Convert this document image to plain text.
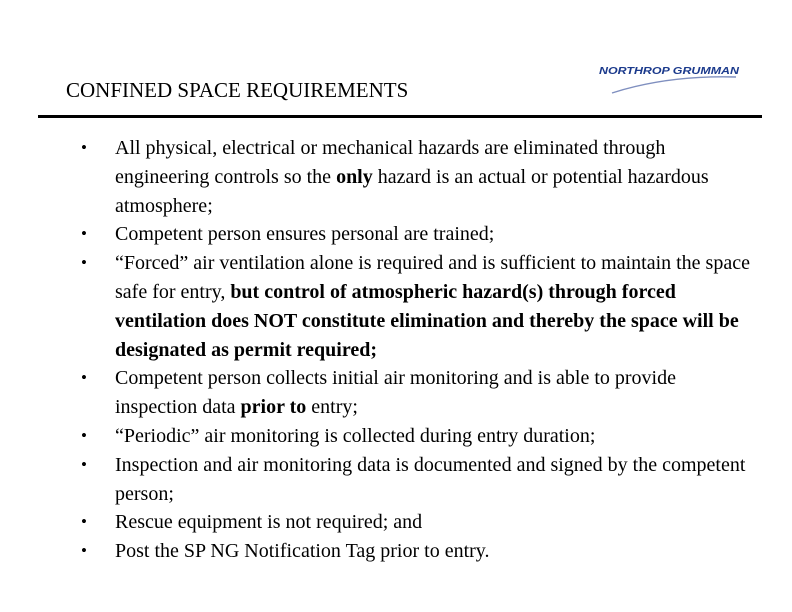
CONFINED SPACE REQUIREMENTS
NORTHROP GRUMMAN
• All physical, electrical or mechanical hazards are eliminated through engineering controls so the only hazard is an actual or potential hazardous atmosphere;
• Competent person ensures personal are trained;
• “Forced” air ventilation alone is required and is sufficient to maintain the space safe for entry, but control of atmospheric hazard(s) through forced ventilation does NOT constitute elimination and thereby the space will be designated as permit required;
• Competent person collects initial air monitoring and is able to provide inspection data prior to entry;
• “Periodic” air monitoring is collected during entry duration;
• Inspection and air monitoring data is documented and signed by the competent person;
• Rescue equipment is not required; and
• Post the SP NG Notification Tag prior to entry.
